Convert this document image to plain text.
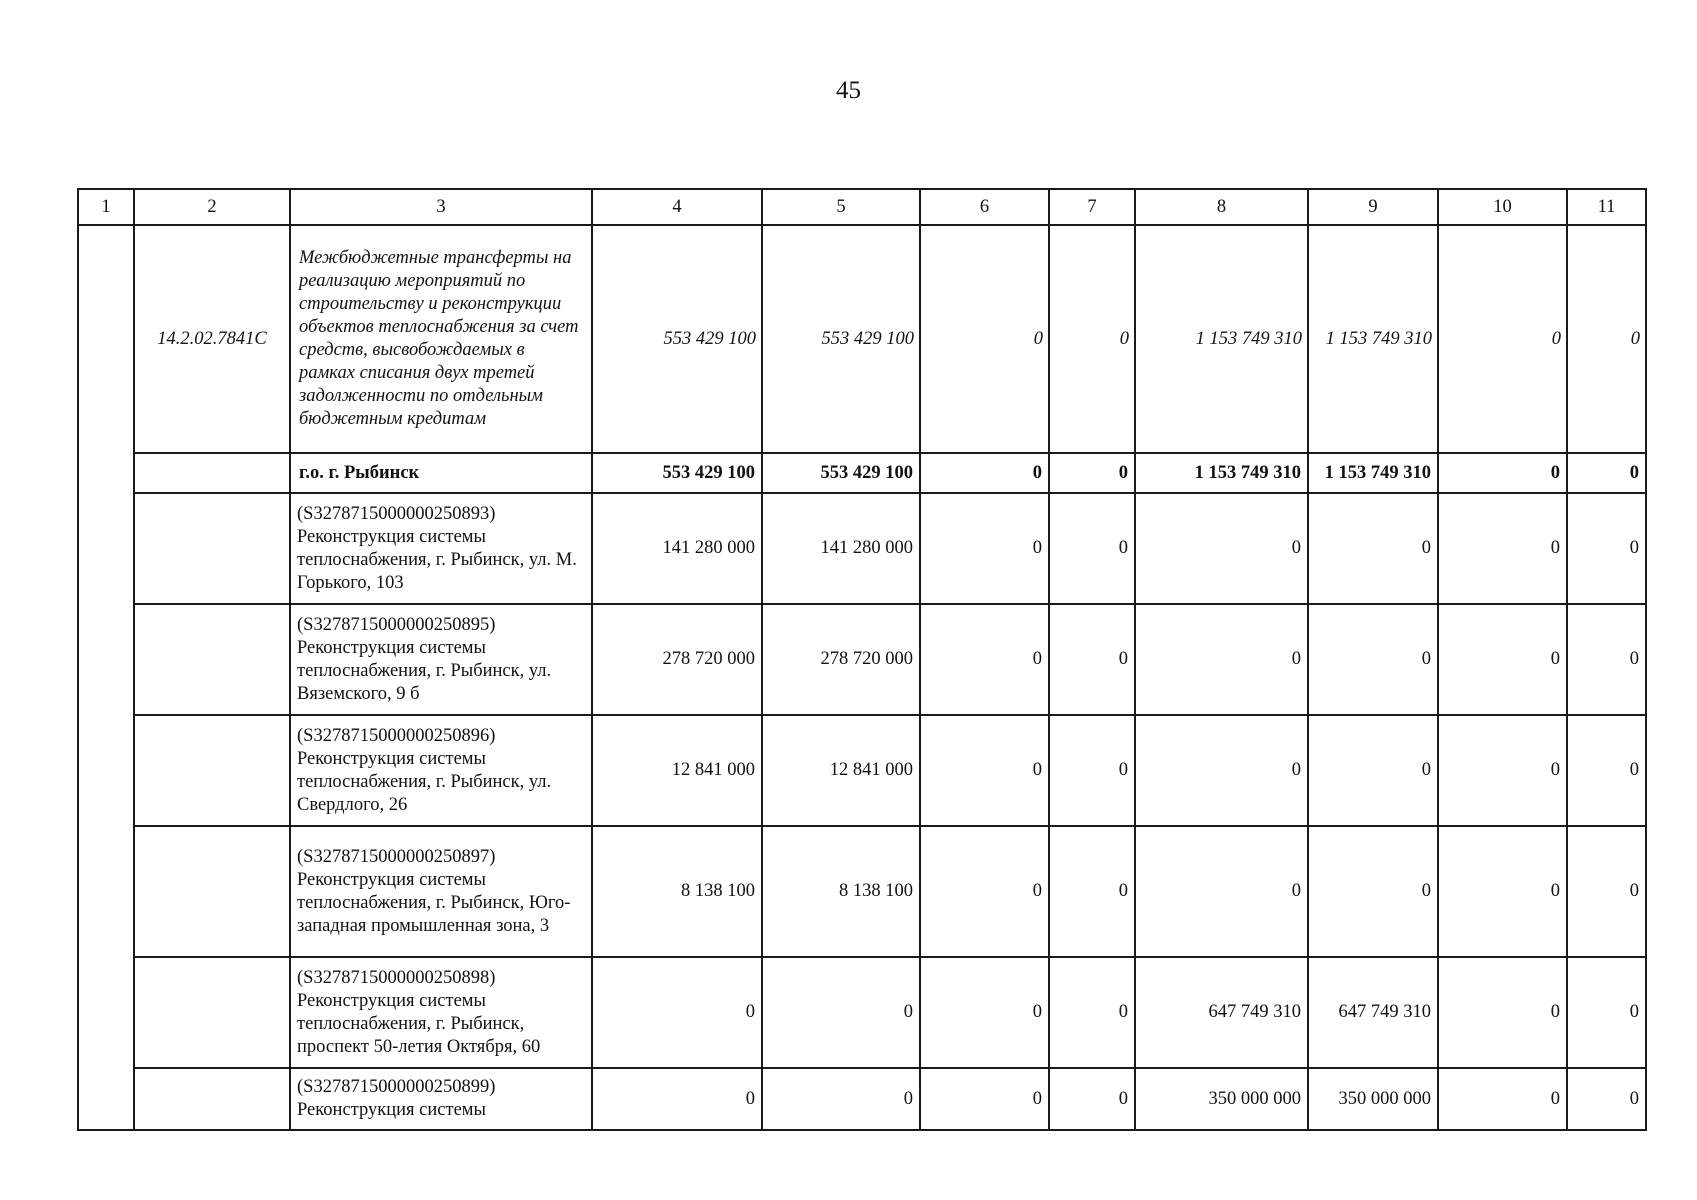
45
1	2	3	4	5	6	7	8	9	10	11
	14.2.02.7841C	Межбюджетные трансферты на реализацию мероприятий по строительству и реконструкции объектов теплоснабжения за счет средств, высвобождаемых в рамках списания двух третей задолженности по отдельным бюджетным кредитам	553 429 100	553 429 100	0	0	1 153 749 310	1 153 749 310	0	0
		г.о. г. Рыбинск	553 429 100	553 429 100	0	0	1 153 749 310	1 153 749 310	0	0
		(S3278715000000250893) Реконструкция системы теплоснабжения, г. Рыбинск, ул. М. Горького, 103	141 280 000	141 280 000	0	0	0	0	0	0
		(S3278715000000250895) Реконструкция системы теплоснабжения, г. Рыбинск, ул. Вяземского, 9 б	278 720 000	278 720 000	0	0	0	0	0	0
		(S3278715000000250896) Реконструкция системы теплоснабжения, г. Рыбинск, ул. Свердлого, 26	12 841 000	12 841 000	0	0	0	0	0	0
		(S3278715000000250897) Реконструкция системы теплоснабжения, г. Рыбинск, Юго-западная промышленная зона, 3	8 138 100	8 138 100	0	0	0	0	0	0
		(S3278715000000250898) Реконструкция системы теплоснабжения, г. Рыбинск, проспект 50-летия Октября, 60	0	0	0	0	647 749 310	647 749 310	0	0
		(S3278715000000250899) Реконструкция системы	0	0	0	0	350 000 000	350 000 000	0	0
